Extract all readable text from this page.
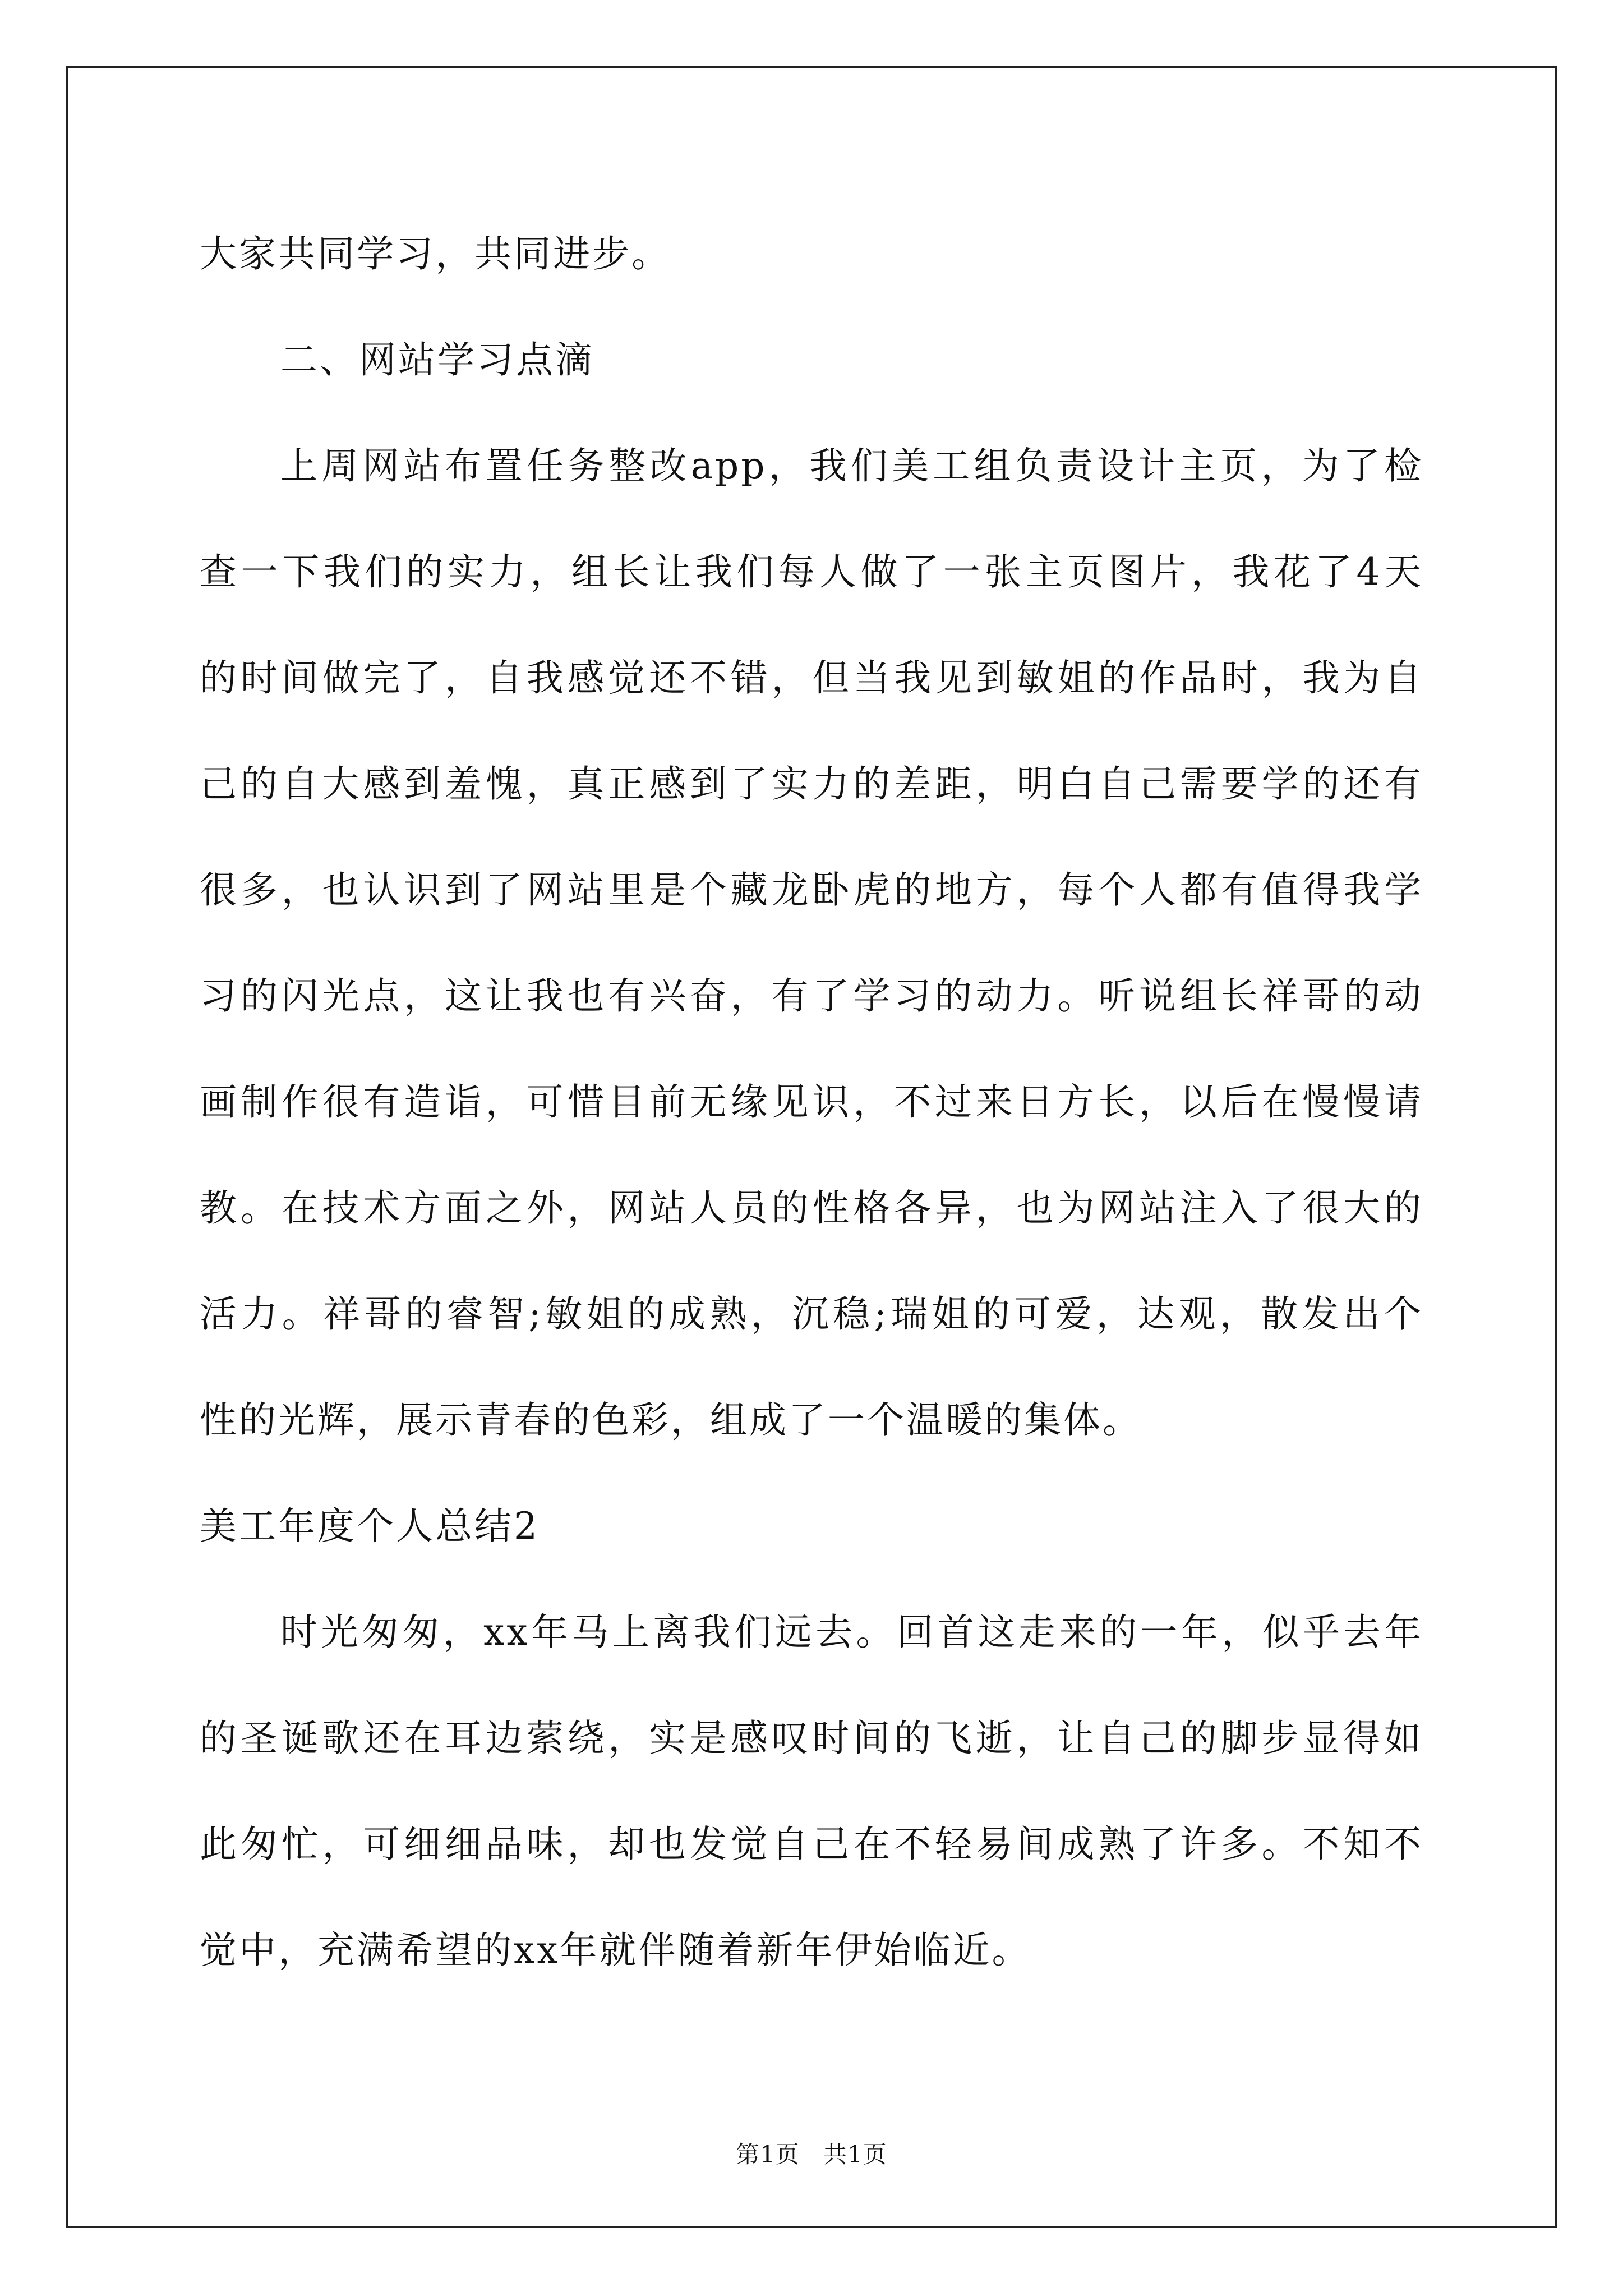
大家共同学习，共同进步。
二、网站学习点滴
上周网站布置任务整改app，我们美工组负责设计主页，为了检
查一下我们的实力，组长让我们每人做了一张主页图片，我花了4天
的时间做完了，自我感觉还不错，但当我见到敏姐的作品时，我为自
己的自大感到羞愧，真正感到了实力的差距，明白自己需要学的还有
很多，也认识到了网站里是个藏龙卧虎的地方，每个人都有值得我学
习的闪光点，这让我也有兴奋，有了学习的动力。听说组长祥哥的动
画制作很有造诣，可惜目前无缘见识，不过来日方长，以后在慢慢请
教。在技术方面之外，网站人员的性格各异，也为网站注入了很大的
活力。祥哥的睿智;敏姐的成熟，沉稳;瑞姐的可爱，达观，散发出个
性的光辉，展示青春的色彩，组成了一个温暖的集体。
美工年度个人总结2
时光匆匆，xx年马上离我们远去。回首这走来的一年，似乎去年
的圣诞歌还在耳边萦绕，实是感叹时间的飞逝，让自己的脚步显得如
此匆忙，可细细品味，却也发觉自己在不轻易间成熟了许多。不知不
觉中，充满希望的xx年就伴随着新年伊始临近。
第1页 共1页
